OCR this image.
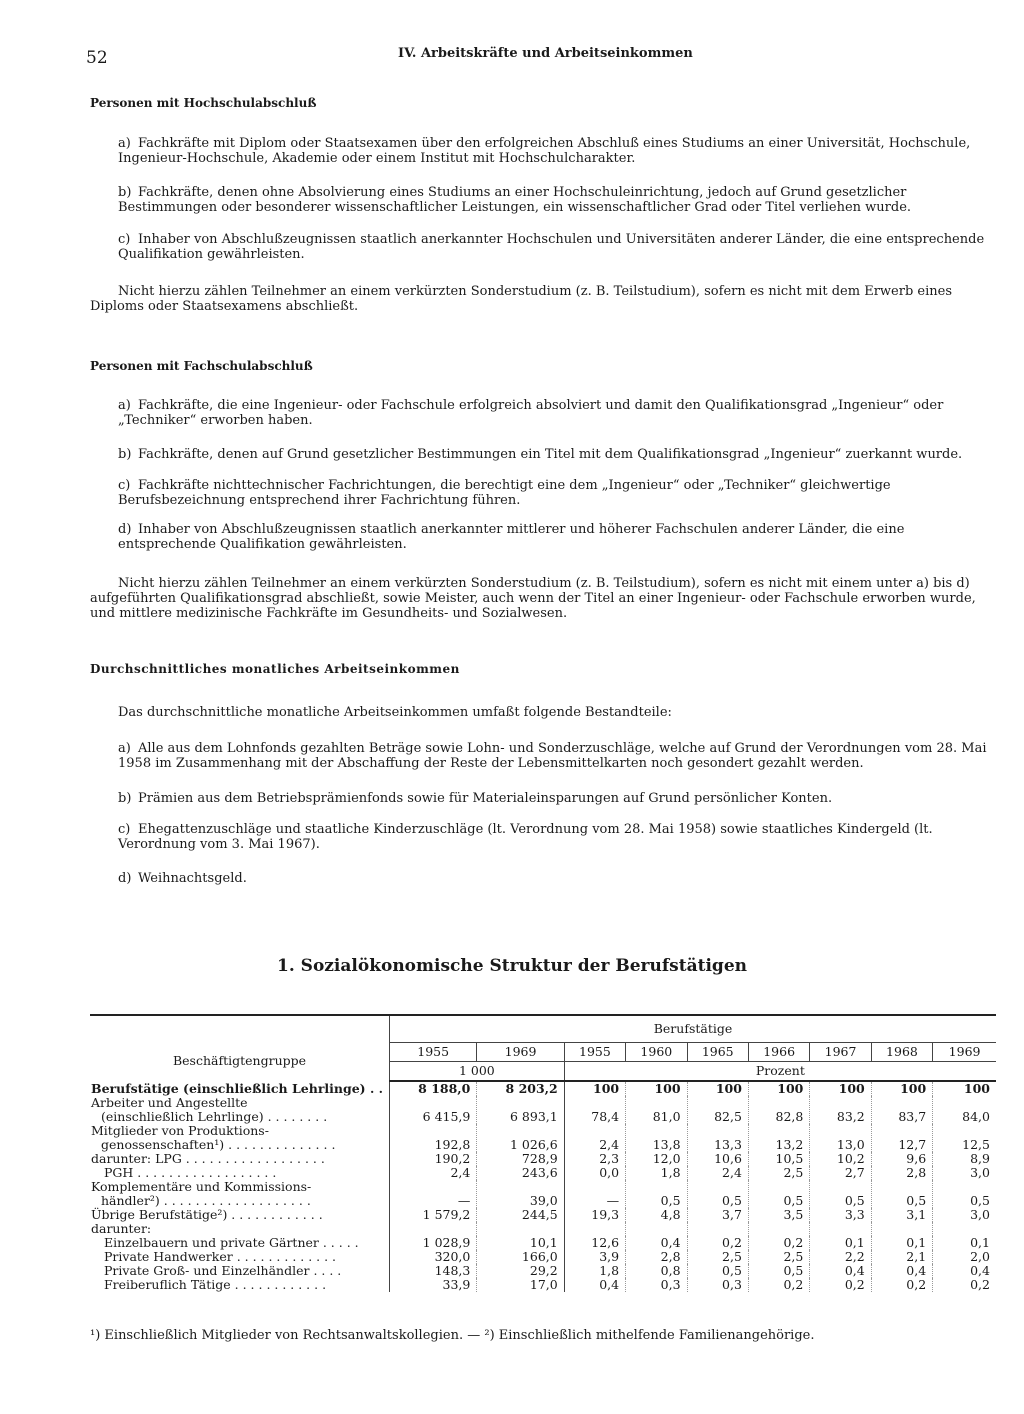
52	IV. Arbeitskräfte und Arbeitseinkommen
Personen mit Hochschulabschluß
a) Fachkräfte mit Diplom oder Staatsexamen über den erfolgreichen Abschluß eines Studiums an einer Universität, Hochschule, Ingenieur-Hochschule, Akademie oder einem Institut mit Hochschulcharakter.
b) Fachkräfte, denen ohne Absolvierung eines Studiums an einer Hochschuleinrichtung, jedoch auf Grund gesetzlicher Bestimmungen oder besonderer wissenschaftlicher Leistungen, ein wissenschaftlicher Grad oder Titel verliehen wurde.
c) Inhaber von Abschlußzeugnissen staatlich anerkannter Hochschulen und Universitäten anderer Länder, die eine entsprechende Qualifikation gewährleisten.
Nicht hierzu zählen Teilnehmer an einem verkürzten Sonderstudium (z. B. Teilstudium), sofern es nicht mit dem Erwerb eines Diploms oder Staatsexamens abschließt.
Personen mit Fachschulabschluß
a) Fachkräfte, die eine Ingenieur- oder Fachschule erfolgreich absolviert und damit den Qualifikationsgrad „Ingenieur“ oder „Techniker“ erworben haben.
b) Fachkräfte, denen auf Grund gesetzlicher Bestimmungen ein Titel mit dem Qualifikationsgrad „Ingenieur“ zuerkannt wurde.
c) Fachkräfte nichttechnischer Fachrichtungen, die berechtigt eine dem „Ingenieur“ oder „Techniker“ gleichwertige Berufsbezeichnung entsprechend ihrer Fachrichtung führen.
d) Inhaber von Abschlußzeugnissen staatlich anerkannter mittlerer und höherer Fachschulen anderer Länder, die eine entsprechende Qualifikation gewährleisten.
Nicht hierzu zählen Teilnehmer an einem verkürzten Sonderstudium (z. B. Teilstudium), sofern es nicht mit einem unter a) bis d) aufgeführten Qualifikationsgrad abschließt, sowie Meister, auch wenn der Titel an einer Ingenieur- oder Fachschule erworben wurde, und mittlere medizinische Fachkräfte im Gesundheits- und Sozialwesen.
Durchschnittliches monatliches Arbeitseinkommen
Das durchschnittliche monatliche Arbeitseinkommen umfaßt folgende Bestandteile:
a) Alle aus dem Lohnfonds gezahlten Beträge sowie Lohn- und Sonderzuschläge, welche auf Grund der Verordnungen vom 28. Mai 1958 im Zusammenhang mit der Abschaffung der Reste der Lebensmittelkarten noch gesondert gezahlt werden.
b) Prämien aus dem Betriebsprämienfonds sowie für Materialeinsparungen auf Grund persönlicher Konten.
c) Ehegattenzuschläge und staatliche Kinderzuschläge (lt. Verordnung vom 28. Mai 1958) sowie staatliches Kindergeld (lt. Verordnung vom 3. Mai 1967).
d) Weihnachtsgeld.
1. Sozialökonomische Struktur der Berufstätigen
Beschäftigtengruppe	Berufstätige								
	1955	1969	1955	1960	1965	1966	1967	1968	1969
	1 000		Prozent						

Berufstätige (einschließlich Lehrlinge) . .	8 188,0	8 203,2	100	100	100	100	100	100	100

Arbeiter und Angestellte
(einschließlich Lehrlinge) . . . . . . . .	6 415,9	6 893,1	78,4	81,0	82,5	82,8	83,2	83,7	84,0

Mitglieder von Produktions-
genossenschaften¹) . . . . . . . . . . . . . .	192,8	1 026,6	2,4	13,8	13,3	13,2	13,0	12,7	12,5

darunter: LPG . . . . . . . . . . . . . . . . . .	190,2	728,9	2,3	12,0	10,6	10,5	10,2	9,6	8,9

PGH . . . . . . . . . . . . . . . . . .	2,4	243,6	0,0	1,8	2,4	2,5	2,7	2,8	3,0

Komplementäre und Kommissions-
händler²) . . . . . . . . . . . . . . . . . . .	—	39,0	—	0,5	0,5	0,5	0,5	0,5	0,5

Übrige Berufstätige²) . . . . . . . . . . . .	1 579,2	244,5	19,3	4,8	3,7	3,5	3,3	3,1	3,0

darunter:									

Einzelbauern und private Gärtner . . . . .	1 028,9	10,1	12,6	0,4	0,2	0,2	0,1	0,1	0,1

Private Handwerker . . . . . . . . . . . . .	320,0	166,0	3,9	2,8	2,5	2,5	2,2	2,1	2,0

Private Groß- und Einzelhändler . . . .	148,3	29,2	1,8	0,8	0,5	0,5	0,4	0,4	0,4

Freiberuflich Tätige . . . . . . . . . . . .	33,9	17,0	0,4	0,3	0,3	0,2	0,2	0,2	0,2
¹) Einschließlich Mitglieder von Rechtsanwaltskollegien. — ²) Einschließlich mithelfende Familienangehörige.
